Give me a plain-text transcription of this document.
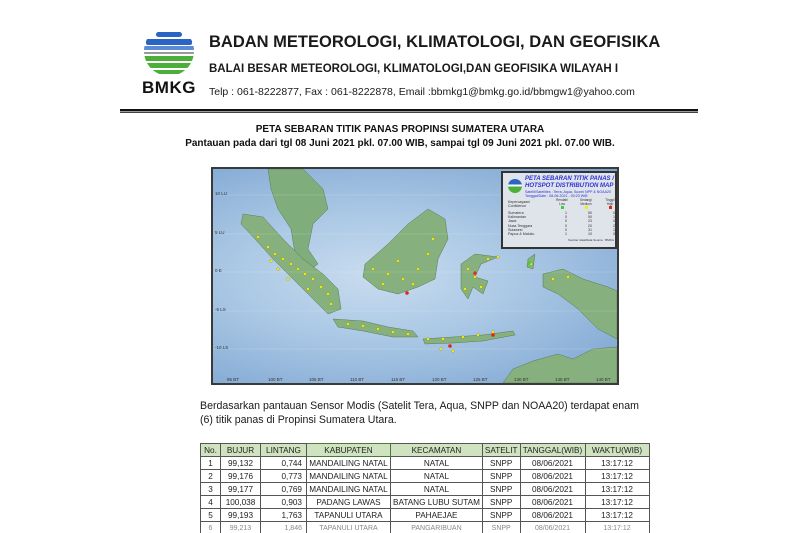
BMKG
BADAN METEOROLOGI, KLIMATOLOGI, DAN GEOFISIKA
BALAI BESAR METEOROLOGI, KLIMATOLOGI,DAN GEOFISIKA WILAYAH I
Telp : 061-8222877, Fax : 061-8222878, Email :bbmkg1@bmkg.go.id/bbmgw1@yahoo.com
PETA SEBARAN TITIK PANAS PROPINSI SUMATERA UTARA
Pantauan pada dari tgl 08 Juni 2021 pkl. 07.00 WIB, sampai tgl 09 Juni 2021 pkl. 07.00 WIB.
10 LU
5 LU
0 E
-5 LS
-10 LS
95 BT	100 BT	105 BT	110 BT	115 BT	120 BT	125 BT	130 BT	135 BT	140 BT
PETA SEBARAN TITIK PANAS /
HOTSPOT DISTRIBUTION MAP
Satelit/Satellites : Terra, Aqua, Suomi NPP & NOAA20
Tanggal/Date : 08-06-2021 - 00:23 WIB
Kepercayaan/
Confidence
Rendah/ Low

Sedang/ Medium

Tinggi/ High

Sumatera	1	50	0
Kalimantan	0	50	1
Jawa	0	23	0
Nusa Tenggara	0	20	2
Sulawesi	0	31	1
Papua & Maluku	1	10	0
Sumber data/Data Source : BMKG
Berdasarkan pantauan Sensor Modis (Satelit Tera, Aqua, SNPP dan NOAA20) terdapat enam (6) titik panas di Propinsi Sumatera Utara.
No.	BUJUR	LINTANG	KABUPATEN	KECAMATAN	SATELIT	TANGGAL(WIB)	WAKTU(WIB)
1	99,132	0,744	MANDAILING NATAL	NATAL	SNPP	08/06/2021	13:17:12
2	99,176	0,773	MANDAILING NATAL	NATAL	SNPP	08/06/2021	13:17:12
3	99,177	0,769	MANDAILING NATAL	NATAL	SNPP	08/06/2021	13:17:12
4	100,038	0,903	PADANG LAWAS	BATANG LUBU SUTAM	SNPP	08/06/2021	13:17:12
5	99,193	1,763	TAPANULI UTARA	PAHAEJAE	SNPP	08/06/2021	13:17:12
6	99,213	1,846	TAPANULI UTARA	PANGARIBUAN	SNPP	08/06/2021	13:17:12
